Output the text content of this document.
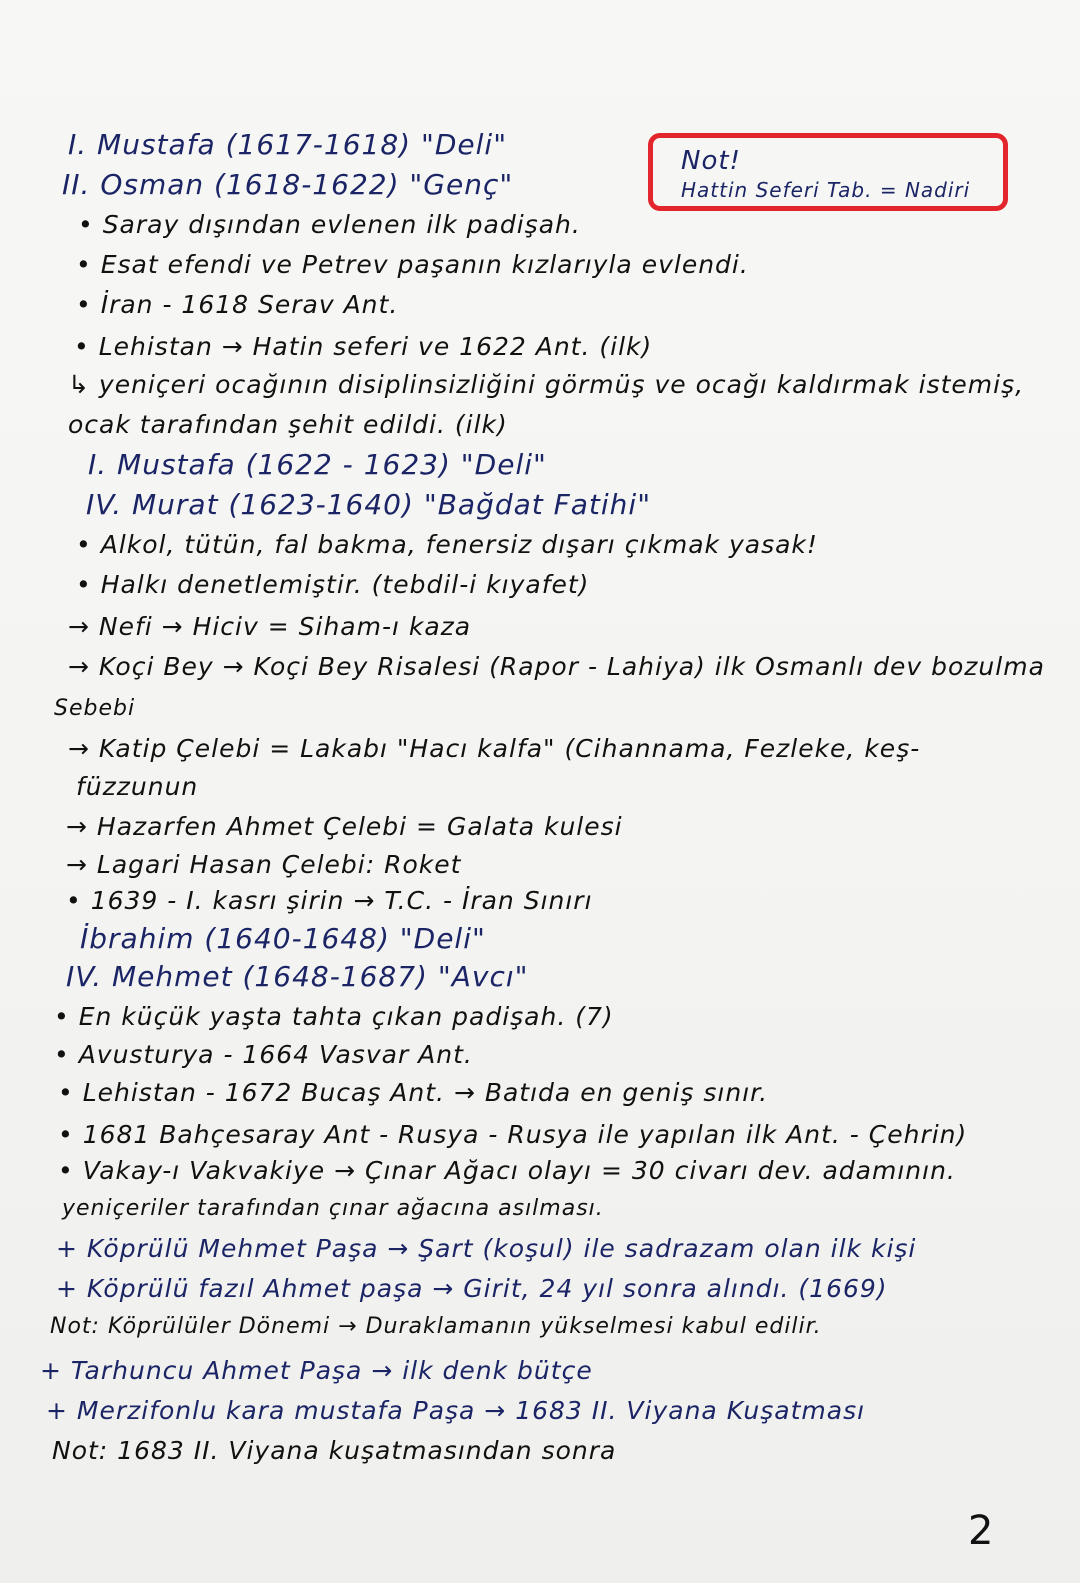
Not!
Hattin Seferi Tab. = Nadiri
I. Mustafa (1617-1618) "Deli"
II. Osman (1618-1622) "Genç"
• Saray dışından evlenen ilk padişah.
• Esat efendi ve Petrev paşanın kızlarıyla evlendi.
• İran - 1618 Serav Ant.
• Lehistan → Hatin seferi ve 1622 Ant. (ilk)
↳ yeniçeri ocağının disiplinsizliğini görmüş ve ocağı kaldırmak istemiş,
ocak tarafından şehit edildi. (ilk)
I. Mustafa (1622 - 1623) "Deli"
IV. Murat (1623-1640) "Bağdat Fatihi"
• Alkol, tütün, fal bakma, fenersiz dışarı çıkmak yasak!
• Halkı denetlemiştir. (tebdil-i kıyafet)
→ Nefi → Hiciv = Siham-ı kaza
→ Koçi Bey → Koçi Bey Risalesi (Rapor - Lahiya) ilk Osmanlı dev bozulma
Sebebi
→ Katip Çelebi = Lakabı "Hacı kalfa" (Cihannama, Fezleke, keş-
füzzunun
→ Hazarfen Ahmet Çelebi = Galata kulesi
→ Lagari Hasan Çelebi: Roket
• 1639 - I. kasrı şirin → T.C. - İran Sınırı
İbrahim (1640-1648) "Deli"
IV. Mehmet (1648-1687) "Avcı"
• En küçük yaşta tahta çıkan padişah. (7)
• Avusturya - 1664 Vasvar Ant.
• Lehistan - 1672 Bucaş Ant. → Batıda en geniş sınır.
• 1681 Bahçesaray Ant - Rusya - Rusya ile yapılan ilk Ant. - Çehrin)
• Vakay-ı Vakvakiye → Çınar Ağacı olayı = 30 civarı dev. adamının.
yeniçeriler tarafından çınar ağacına asılması.
+ Köprülü Mehmet Paşa → Şart (koşul) ile sadrazam olan ilk kişi
+ Köprülü fazıl Ahmet paşa → Girit, 24 yıl sonra alındı. (1669)
Not: Köprülüler Dönemi → Duraklamanın yükselmesi kabul edilir.
+ Tarhuncu Ahmet Paşa → ilk denk bütçe
+ Merzifonlu kara mustafa Paşa → 1683 II. Viyana Kuşatması
Not: 1683 II. Viyana kuşatmasından sonra
2
